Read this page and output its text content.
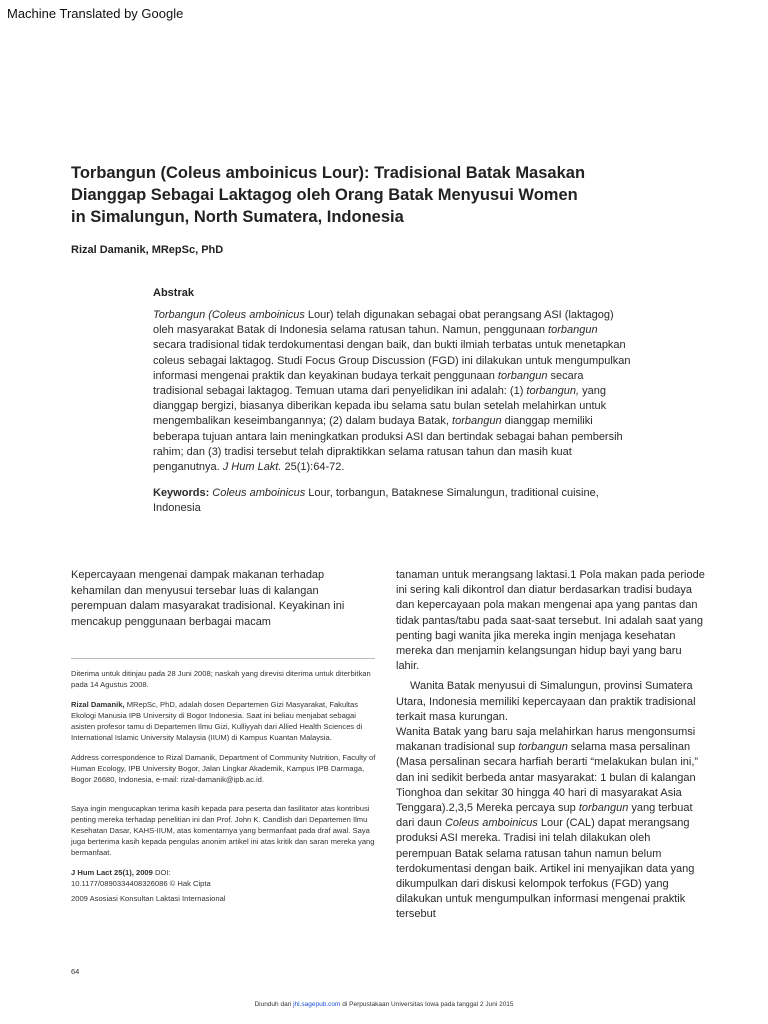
Machine Translated by Google
Torbangun (Coleus amboinicus Lour): Tradisional Batak Masakan Dianggap Sebagai Laktagog oleh Orang Batak Menyusui Women in Simalungun, North Sumatera, Indonesia
Rizal Damanik, MRepSc, PhD
Abstrak
Torbangun (Coleus amboinicus Lour) telah digunakan sebagai obat perangsang ASI (laktagog) oleh masyarakat Batak di Indonesia selama ratusan tahun. Namun, penggunaan torbangun secara tradisional tidak terdokumentasi dengan baik, dan bukti ilmiah terbatas untuk menetapkan coleus sebagai laktagog. Studi Focus Group Discussion (FGD) ini dilakukan untuk mengumpulkan informasi mengenai praktik dan keyakinan budaya terkait penggunaan torbangun secara tradisional sebagai laktagog. Temuan utama dari penyelidikan ini adalah: (1) torbangun, yang dianggap bergizi, biasanya diberikan kepada ibu selama satu bulan setelah melahirkan untuk mengembalikan keseimbangannya; (2) dalam budaya Batak, torbangun dianggap memiliki beberapa tujuan antara lain meningkatkan produksi ASI dan bertindak sebagai bahan pembersih rahim; dan (3) tradisi tersebut telah dipraktikkan selama ratusan tahun dan masih kuat penganutnya. J Hum Lakt. 25(1):64-72.
Keywords: Coleus amboinicus Lour, torbangun, Bataknese Simalungun, traditional cuisine, Indonesia
Kepercayaan mengenai dampak makanan terhadap kehamilan dan menyusui tersebar luas di kalangan perempuan dalam masyarakat tradisional. Keyakinan ini mencakup penggunaan berbagai macam

Diterima untuk ditinjau pada 28 Juni 2008; naskah yang direvisi diterima untuk diterbitkan pada 14 Agustus 2008.

Rizal Damanik, MRepSc, PhD, adalah dosen Departemen Gizi Masyarakat, Fakultas Ekologi Manusia IPB University di Bogor Indonesia. Saat ini beliau menjabat sebagai asisten profesor tamu di Departemen Ilmu Gizi, Kulliyyah dari Allied Health Sciences di International Islamic University Malaysia (IIUM) di Kampus Kuantan Malaysia.

Address correspondence to Rizal Damanik, Department of Community Nutrition, Faculty of Human Ecology, IPB University Bogor, Jalan Lingkar Akademik, Kampus IPB Darmaga, Bogor 26680, Indonesia, e-mail: rizal-damanik@ipb.ac.id.

Saya ingin mengucapkan terima kasih kepada para peserta dan fasilitator atas kontribusi penting mereka terhadap penelitian ini dan Prof. John K. Candlish dari Departemen Ilmu Kesehatan Dasar, KAHS-IIUM, atas komentarnya yang bermanfaat pada draf awal. Saya juga berterima kasih kepada pengulas anonim artikel ini atas kritik dan saran mereka yang bermanfaat.

J Hum Lact 25(1), 2009 DOI:
10.1177/0890334408326086 © Hak Cipta

2009 Asosiasi Konsultan Laktasi Internasional

tanaman untuk merangsang laktasi.1 Pola makan pada periode ini sering kali dikontrol dan diatur berdasarkan tradisi budaya dan kepercayaan pola makan mengenai apa yang pantas dan tidak pantas/tabu pada saat-saat tersebut. Ini adalah saat yang penting bagi wanita jika mereka ingin menjaga kesehatan mereka dan menjamin kelangsungan hidup bayi yang baru lahir.

Wanita Batak menyusui di Simalungun, provinsi Sumatera Utara, Indonesia memiliki kepercayaan dan praktik tradisional terkait masa kurungan.

Wanita Batak yang baru saja melahirkan harus mengonsumsi makanan tradisional sup torbangun selama masa persalinan (Masa persalinan secara harfiah berarti “melakukan bulan ini,” dan ini sedikit berbeda antar masyarakat: 1 bulan di kalangan Tionghoa dan sekitar 30 hingga 40 hari di masyarakat Asia Tenggara).2,3,5 Mereka percaya sup torbangun yang terbuat dari daun Coleus amboinicus Lour (CAL) dapat merangsang produksi ASI mereka. Tradisi ini telah dilakukan oleh perempuan Batak selama ratusan tahun namun belum terdokumentasi dengan baik. Artikel ini menyajikan data yang dikumpulkan dari diskusi kelompok terfokus (FGD) yang dilakukan untuk mengumpulkan informasi mengenai praktik tersebut

64
Diunduh dari jhl.sagepub.com di Perpustakaan Universitas Iowa pada tanggal 2 Juni 2015
